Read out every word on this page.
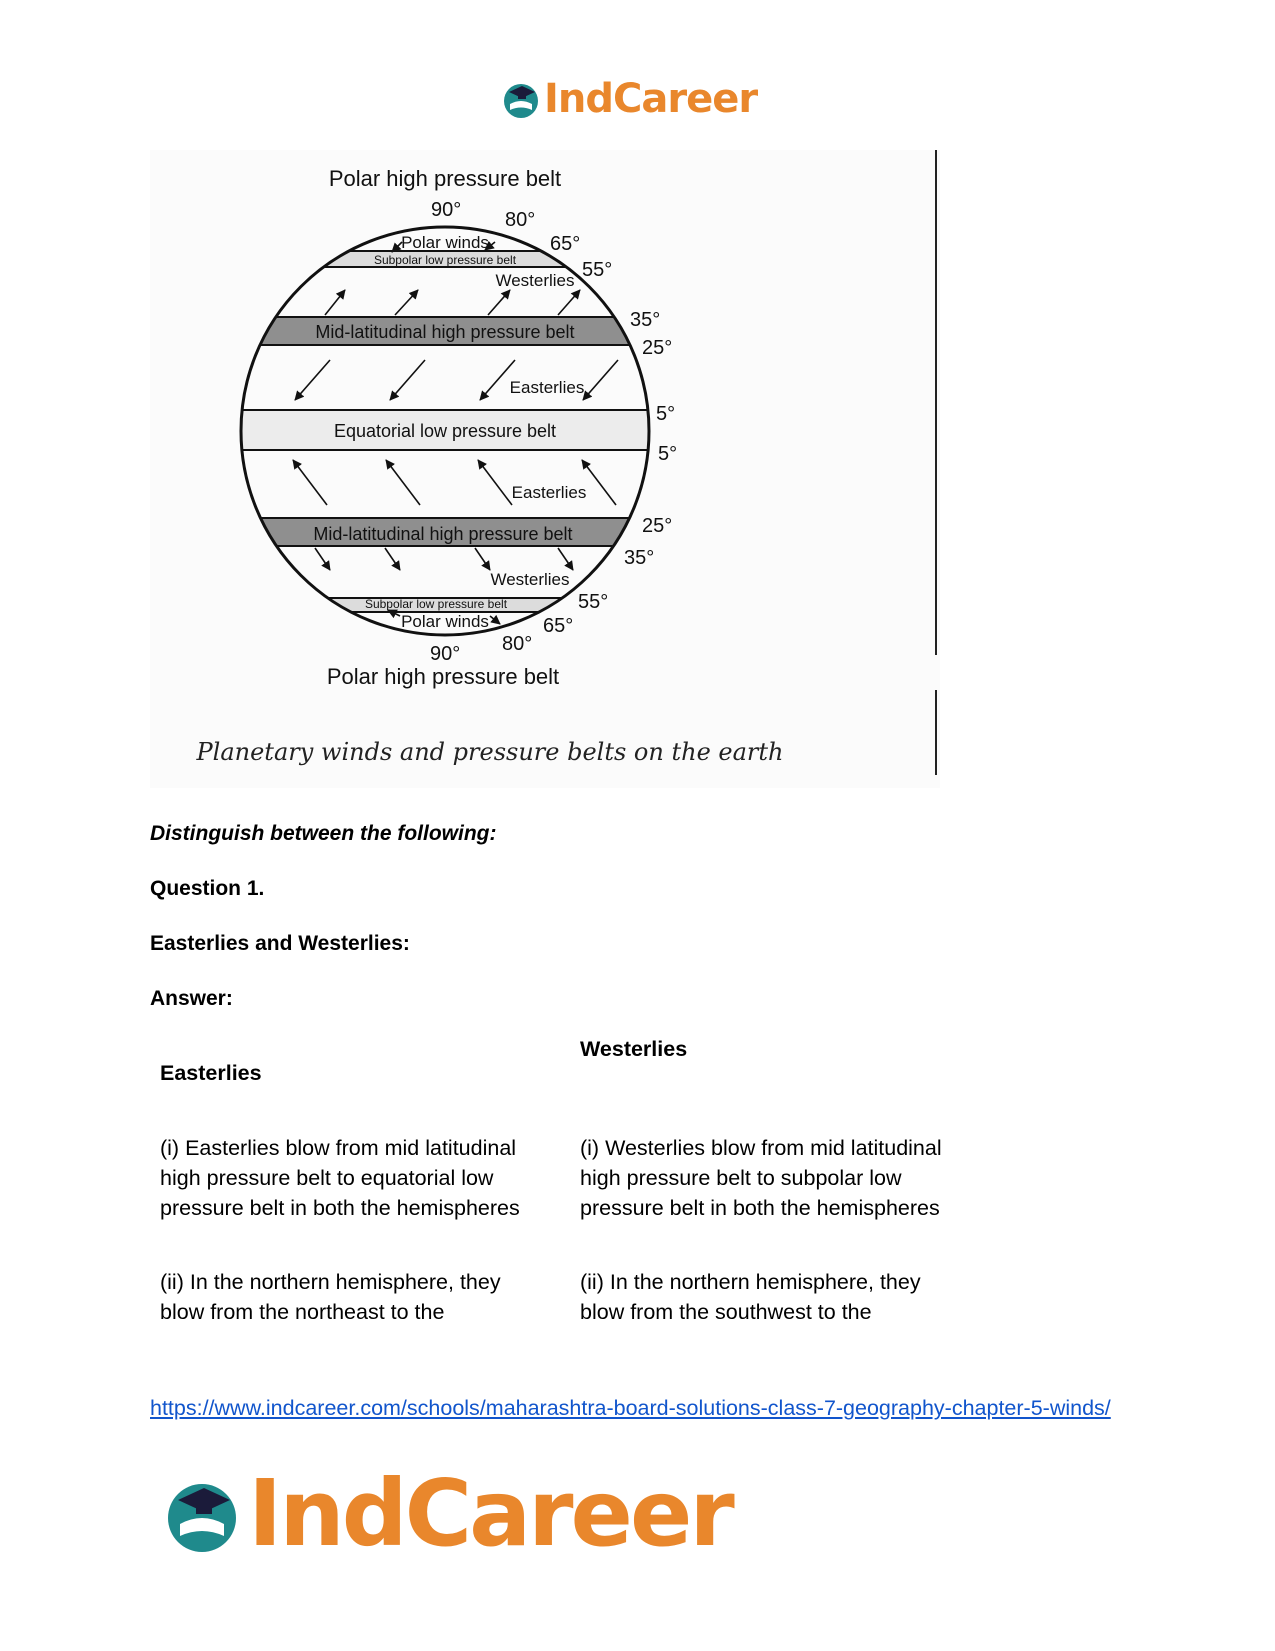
IndCareer
Polar high pressure belt
Polar winds
Subpolar low pressure belt
Westerlies
Mid-latitudinal high pressure belt
Easterlies
Equatorial low pressure belt
Easterlies
Mid-latitudinal high pressure belt
Westerlies
Subpolar low pressure belt
Polar winds
Polar high pressure belt
90° 80°
65°
55°
35°
25°
5°
5°
25°
35°
55°
65°
80°
90°
Planetary winds and pressure belts on the earth
Distinguish between the following:
Question 1.
Easterlies and Westerlies:
Answer:
Easterlies
Westerlies
(i) Easterlies blow from mid latitudinal high pressure belt to equatorial low pressure belt in both the hemispheres
(i) Westerlies blow from mid latitudinal high pressure belt to subpolar low pressure belt in both the hemispheres
(ii) In the northern hemisphere, they blow from the northeast to the
(ii) In the northern hemisphere, they blow from the southwest to the
https://www.indcareer.com/schools/maharashtra-board-solutions-class-7-geography-chapter-5-winds/
IndCareer
